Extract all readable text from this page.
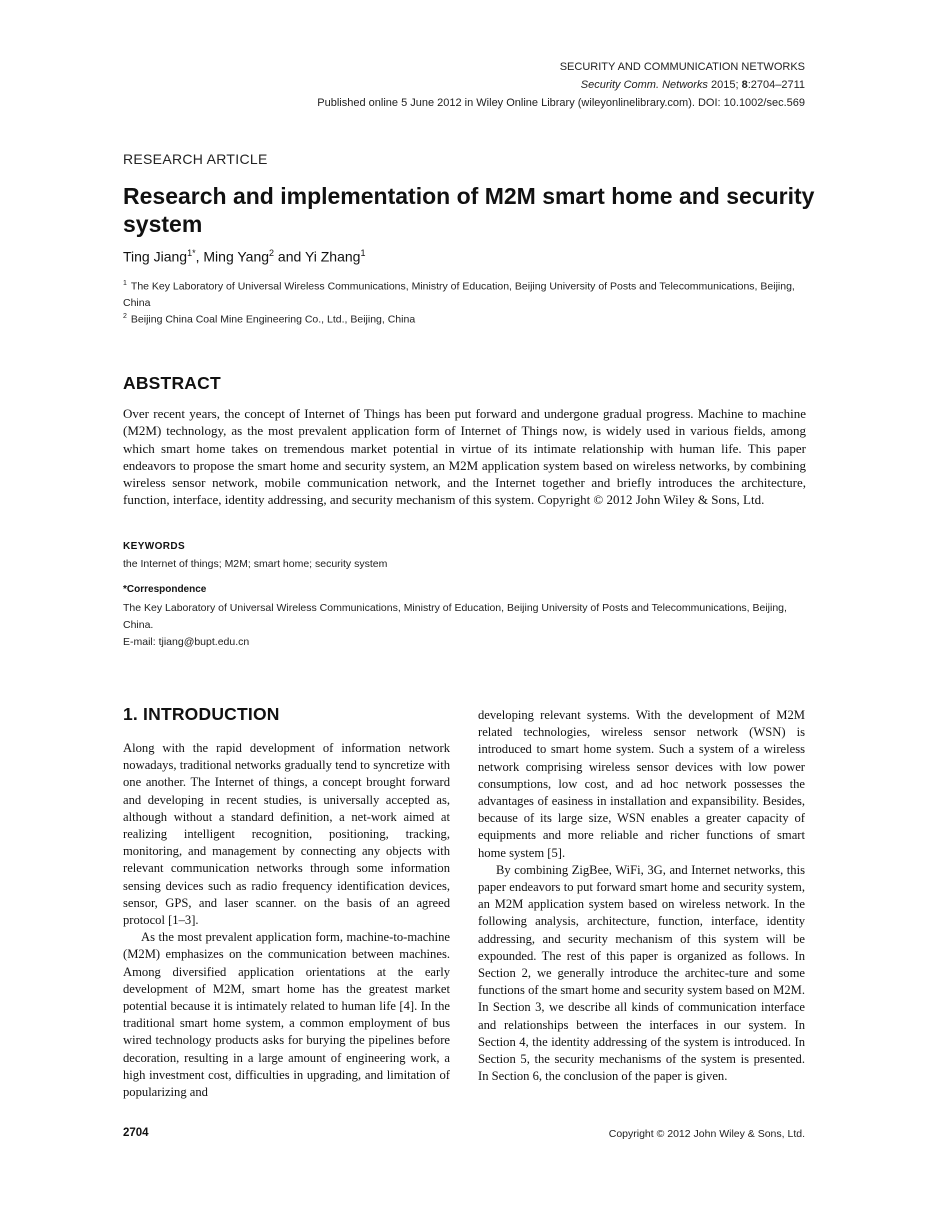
SECURITY AND COMMUNICATION NETWORKS
Security Comm. Networks 2015; 8:2704–2711
Published online 5 June 2012 in Wiley Online Library (wileyonlinelibrary.com). DOI: 10.1002/sec.569
RESEARCH ARTICLE
Research and implementation of M2M smart home and security system
Ting Jiang$^{1*}$, Ming Yang$^2$ and Yi Zhang$^1$
$^1$ The Key Laboratory of Universal Wireless Communications, Ministry of Education, Beijing University of Posts and Telecommunications, Beijing, China
$^2$ Beijing China Coal Mine Engineering Co., Ltd., Beijing, China
ABSTRACT

Over recent years, the concept of Internet of Things has been put forward and undergone gradual progress. Machine to machine (M2M) technology, as the most prevalent application form of Internet of Things now, is widely used in various fields, among which smart home takes on tremendous market potential in virtue of its intimate relationship with human life. This paper endeavors to propose the smart home and security system, an M2M application system based on wireless networks, by combining wireless sensor network, mobile communication network, and the Internet together and briefly introduces the architecture, function, interface, identity addressing, and security mechanism of this system. Copyright © 2012 John Wiley & Sons, Ltd.

KEYWORDS
the Internet of things; M2M; smart home; security system
*Correspondence
The Key Laboratory of Universal Wireless Communications, Ministry of Education, Beijing University of Posts and Telecommunications, Beijing, China.
E-mail: tjiang@bupt.edu.cn
1. INTRODUCTION

Along with the rapid development of information network nowadays, traditional networks gradually tend to syncretize with one another. The Internet of things, a concept brought forward and developing in recent studies, is universally accepted as, although without a standard definition, a net-work aimed at realizing intelligent recognition, positioning, tracking, monitoring, and management by connecting any objects with relevant communication networks through some information sensing devices such as radio frequency identification devices, sensor, GPS, and laser scanner. on the basis of an agreed protocol [1–3].

As the most prevalent application form, machine-to-machine (M2M) emphasizes on the communication between machines. Among diversified application orientations at the early development of M2M, smart home has the greatest market potential because it is intimately related to human life [4]. In the traditional smart home system, a common employment of bus wired technology products asks for burying the pipelines before decoration, resulting in a large amount of engineering work, a high investment cost, difficulties in upgrading, and limitation of popularizing and

developing relevant systems. With the development of M2M related technologies, wireless sensor network (WSN) is introduced to smart home system. Such a system of a wireless network comprising wireless sensor devices with low power consumptions, low cost, and ad hoc network possesses the advantages of easiness in installation and expansibility. Besides, because of its large size, WSN enables a greater capacity of equipments and more reliable and richer functions of smart home system [5].

By combining ZigBee, WiFi, 3G, and Internet networks, this paper endeavors to put forward smart home and security system, an M2M application system based on wireless network. In the following analysis, architecture, function, interface, identity addressing, and security mechanism of this system will be expounded. The rest of this paper is organized as follows. In Section 2, we generally introduce the architec-ture and some functions of the smart home and security system based on M2M. In Section 3, we describe all kinds of communication interface and relationships between the interfaces in our system. In Section 4, the identity addressing of the system is introduced. In Section 5, the security mechanisms of the system is presented. In Section 6, the conclusion of the paper is given.

2704	Copyright © 2012 John Wiley & Sons, Ltd.
